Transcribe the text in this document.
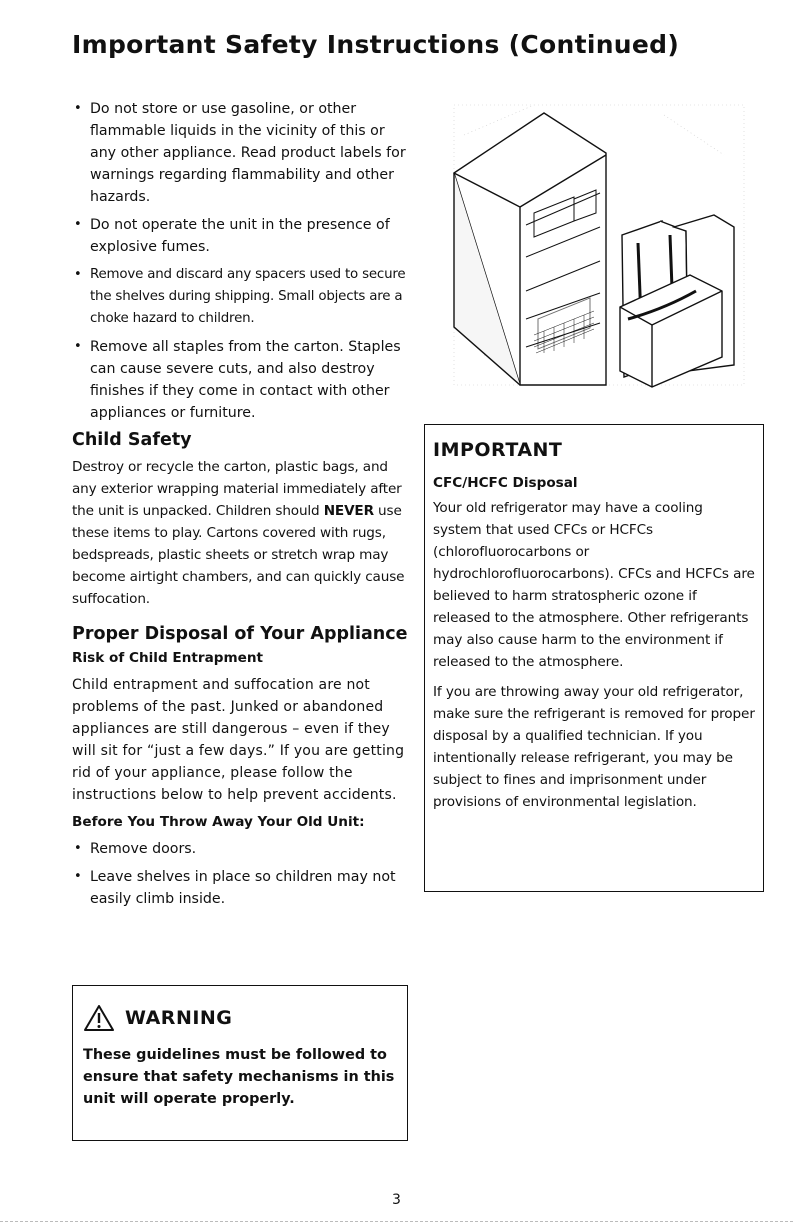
Important Safety Instructions (Continued)
• Do not store or use gasoline, or other flammable liquids in the vicinity of this or any other appliance. Read product labels for warnings regarding flammability and other hazards.
• Do not operate the unit in the presence of explosive fumes.
• Remove and discard any spacers used to secure the shelves during shipping. Small objects are a choke hazard to children.
• Remove all staples from the carton. Staples can cause severe cuts, and also destroy finishes if they come in contact with other appliances or furniture.
Child Safety

Destroy or recycle the carton, plastic bags, and any exterior wrapping material immediately after the unit is unpacked. Children should NEVER use these items to play. Cartons covered with rugs, bedspreads, plastic sheets or stretch wrap may become airtight chambers, and can quickly cause suffocation.

Proper Disposal of Your Appliance
Risk of Child Entrapment

Child entrapment and suffocation are not problems of the past. Junked or abandoned appliances are still dangerous – even if they will sit for “just a few days.” If you are getting rid of your appliance, please follow the instructions below to help prevent accidents.

Before You Throw Away Your Old Unit:
• Remove doors.
• Leave shelves in place so children may not easily climb inside.
WARNING
These guidelines must be followed to ensure that safety mechanisms in this unit will operate properly.
IMPORTANT
CFC/HCFC Disposal

Your old refrigerator may have a cooling system that used CFCs or HCFCs (chlorofluorocarbons or hydrochlorofluorocarbons). CFCs and HCFCs are believed to harm stratospheric ozone if released to the atmosphere. Other refrigerants may also cause harm to the environment if released to the atmosphere.

If you are throwing away your old refrigerator, make sure the refrigerant is removed for proper disposal by a qualified technician. If you intentionally release refrigerant, you may be subject to fines and imprisonment under provisions of environmental legislation.

3
